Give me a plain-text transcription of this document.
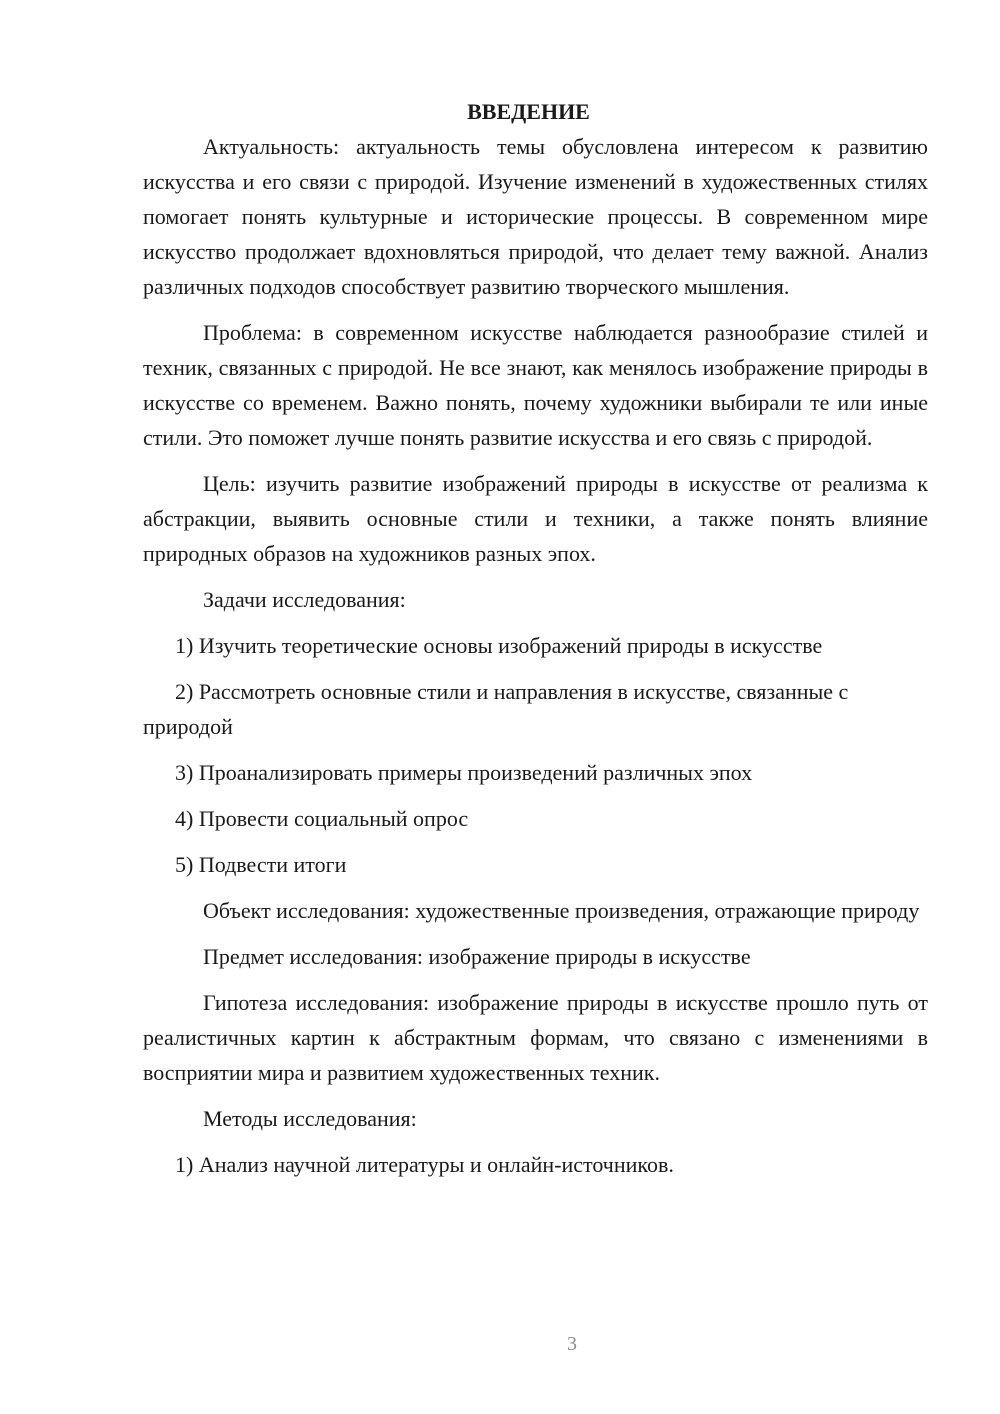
ВВЕДЕНИЕ

Актуальность: актуальность темы обусловлена интересом к развитию искусства и его связи с природой. Изучение изменений в художественных стилях помогает понять культурные и исторические процессы. В современном мире искусство продолжает вдохновляться природой, что делает тему важной. Анализ различных подходов способствует развитию творческого мышления.

Проблема: в современном искусстве наблюдается разнообразие стилей и техник, связанных с природой. Не все знают, как менялось изображение природы в искусстве со временем. Важно понять, почему художники выбирали те или иные стили. Это поможет лучше понять развитие искусства и его связь с природой.

Цель: изучить развитие изображений природы в искусстве от реализма к абстракции, выявить основные стили и техники, а также понять влияние природных образов на художников разных эпох.

Задачи исследования:

1) Изучить теоретические основы изображений природы в искусстве

2) Рассмотреть основные стили и направления в искусстве, связанные с природой

3) Проанализировать примеры произведений различных эпох

4) Провести социальный опрос

5) Подвести итоги

Объект исследования: художественные произведения, отражающие природу

Предмет исследования: изображение природы в искусстве

Гипотеза исследования: изображение природы в искусстве прошло путь от реалистичных картин к абстрактным формам, что связано с изменениями в восприятии мира и развитием художественных техник.

Методы исследования:

1) Анализ научной литературы и онлайн-источников.

3
